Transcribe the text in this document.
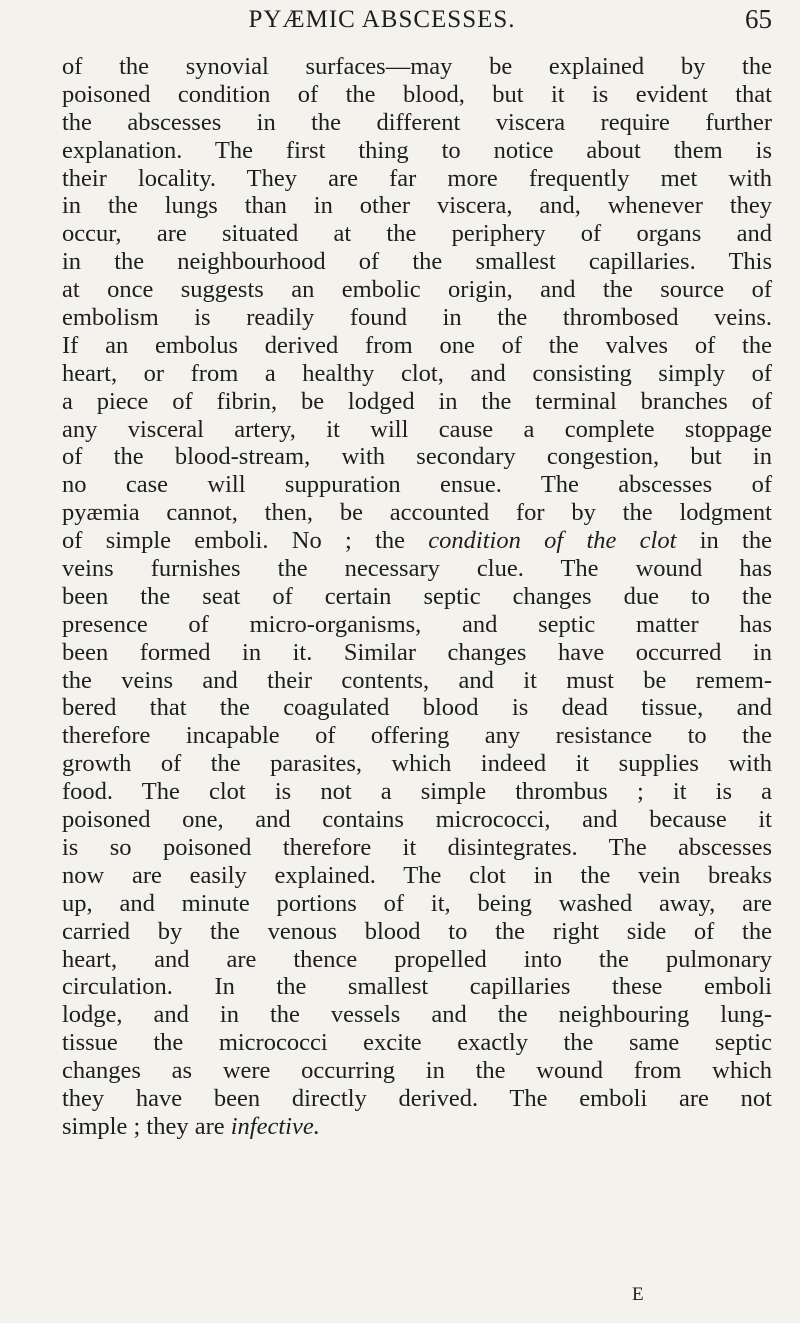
PYÆMIC ABSCESSES.	65
of the synovial surfaces—may be explained by the
poisoned condition of the blood, but it is evident that
the abscesses in the different viscera require further
explanation. The first thing to notice about them is
their locality. They are far more frequently met with
in the lungs than in other viscera, and, whenever they
occur, are situated at the periphery of organs and
in the neighbourhood of the smallest capillaries. This
at once suggests an embolic origin, and the source of
embolism is readily found in the thrombosed veins.
If an embolus derived from one of the valves of the
heart, or from a healthy clot, and consisting simply of
a piece of fibrin, be lodged in the terminal branches of
any visceral artery, it will cause a complete stoppage
of the blood-stream, with secondary congestion, but in
no case will suppuration ensue. The abscesses of
pyæmia cannot, then, be accounted for by the lodgment
of simple emboli. No ; the condition of the clot in the
veins furnishes the necessary clue. The wound has
been the seat of certain septic changes due to the
presence of micro-organisms, and septic matter has
been formed in it. Similar changes have occurred in
the veins and their contents, and it must be remem-
bered that the coagulated blood is dead tissue, and
therefore incapable of offering any resistance to the
growth of the parasites, which indeed it supplies with
food. The clot is not a simple thrombus ; it is a
poisoned one, and contains micrococci, and because it
is so poisoned therefore it disintegrates. The abscesses
now are easily explained. The clot in the vein breaks
up, and minute portions of it, being washed away, are
carried by the venous blood to the right side of the
heart, and are thence propelled into the pulmonary
circulation. In the smallest capillaries these emboli
lodge, and in the vessels and the neighbouring lung-
tissue the micrococci excite exactly the same septic
changes as were occurring in the wound from which
they have been directly derived. The emboli are not
simple ; they are infective.
E
